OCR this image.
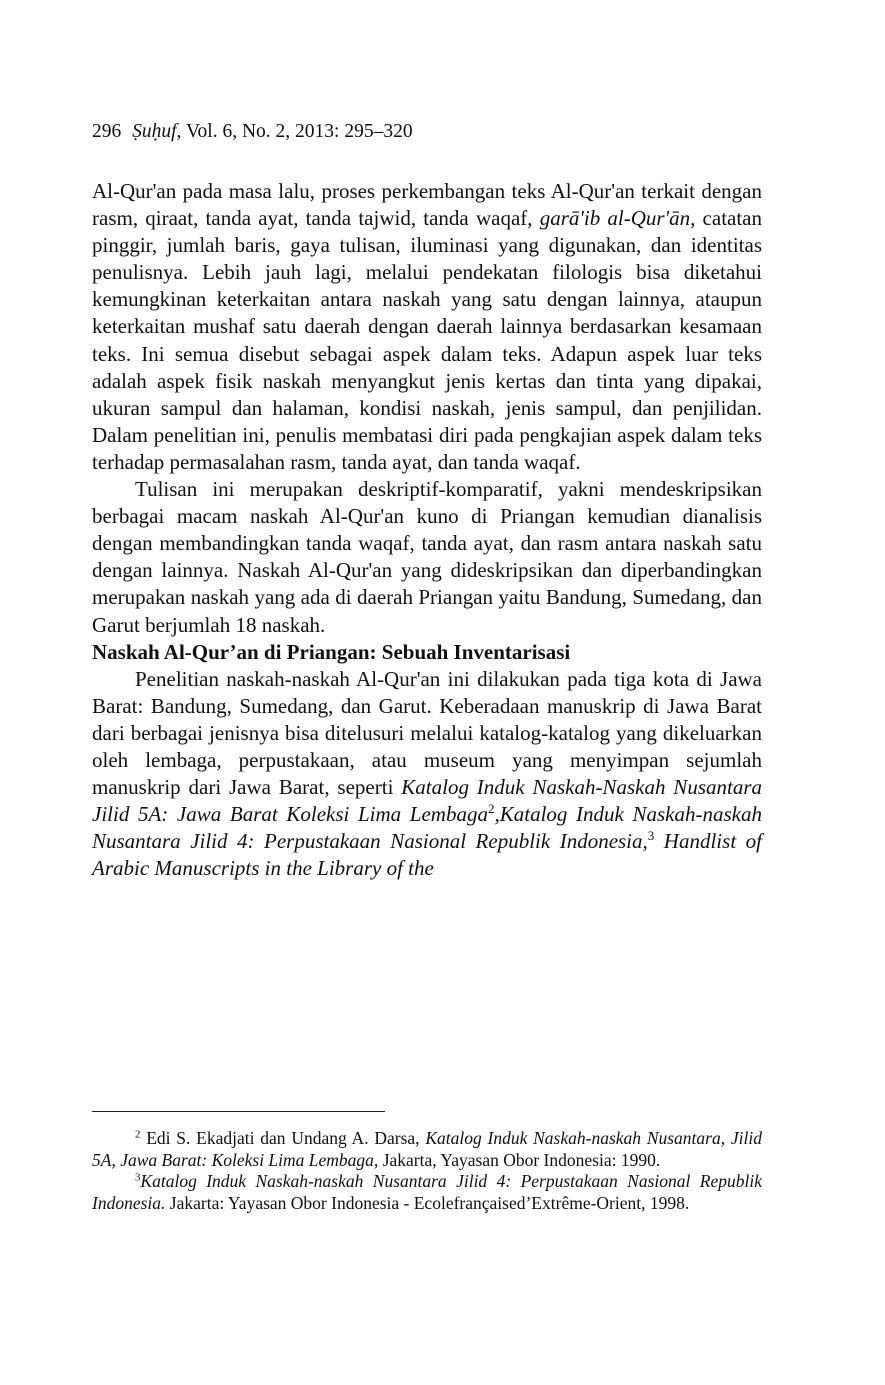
296 Ṣuḥuf, Vol. 6, No. 2, 2013: 295–320

Al-Qur'an pada masa lalu, proses perkembangan teks Al-Qur'an terkait dengan rasm, qiraat, tanda ayat, tanda tajwid, tanda waqaf, garā'ib al-Qur'ān, catatan pinggir, jumlah baris, gaya tulisan, iluminasi yang digunakan, dan identitas penulisnya. Lebih jauh lagi, melalui pendekatan filologis bisa diketahui kemungkinan keterkaitan antara naskah yang satu dengan lainnya, ataupun keterkaitan mushaf satu daerah dengan daerah lainnya berdasarkan kesamaan teks. Ini semua disebut sebagai aspek dalam teks. Adapun aspek luar teks adalah aspek fisik naskah menyangkut jenis kertas dan tinta yang dipakai, ukuran sampul dan halaman, kondisi naskah, jenis sampul, dan penjilidan. Dalam penelitian ini, penulis membatasi diri pada pengkajian aspek dalam teks terhadap permasalahan rasm, tanda ayat, dan tanda waqaf.

Tulisan ini merupakan deskriptif-komparatif, yakni mendeskripsikan berbagai macam naskah Al-Qur'an kuno di Priangan kemudian dianalisis dengan membandingkan tanda waqaf, tanda ayat, dan rasm antara naskah satu dengan lainnya. Naskah Al-Qur'an yang dideskripsikan dan diperbandingkan merupakan naskah yang ada di daerah Priangan yaitu Bandung, Sumedang, dan Garut berjumlah 18 naskah.

Naskah Al-Qur’an di Priangan: Sebuah Inventarisasi

Penelitian naskah-naskah Al-Qur'an ini dilakukan pada tiga kota di Jawa Barat: Bandung, Sumedang, dan Garut. Keberadaan manuskrip di Jawa Barat dari berbagai jenisnya bisa ditelusuri melalui katalog-katalog yang dikeluarkan oleh lembaga, perpustakaan, atau museum yang menyimpan sejumlah manuskrip dari Jawa Barat, seperti Katalog Induk Naskah-Naskah Nusantara Jilid 5A: Jawa Barat Koleksi Lima Lembaga$^2$,Katalog Induk Naskah-naskah Nusantara Jilid 4: Perpustakaan Nasional Republik Indonesia,$^3$ Handlist of Arabic Manuscripts in the Library of the

$^2$ Edi S. Ekadjati dan Undang A. Darsa, Katalog Induk Naskah-naskah Nusantara, Jilid 5A, Jawa Barat: Koleksi Lima Lembaga, Jakarta, Yayasan Obor Indonesia: 1990.

$^3$Katalog Induk Naskah-naskah Nusantara Jilid 4: Perpustakaan Nasional Republik Indonesia. Jakarta: Yayasan Obor Indonesia - Ecolefrançaised’Extrême-Orient, 1998.
